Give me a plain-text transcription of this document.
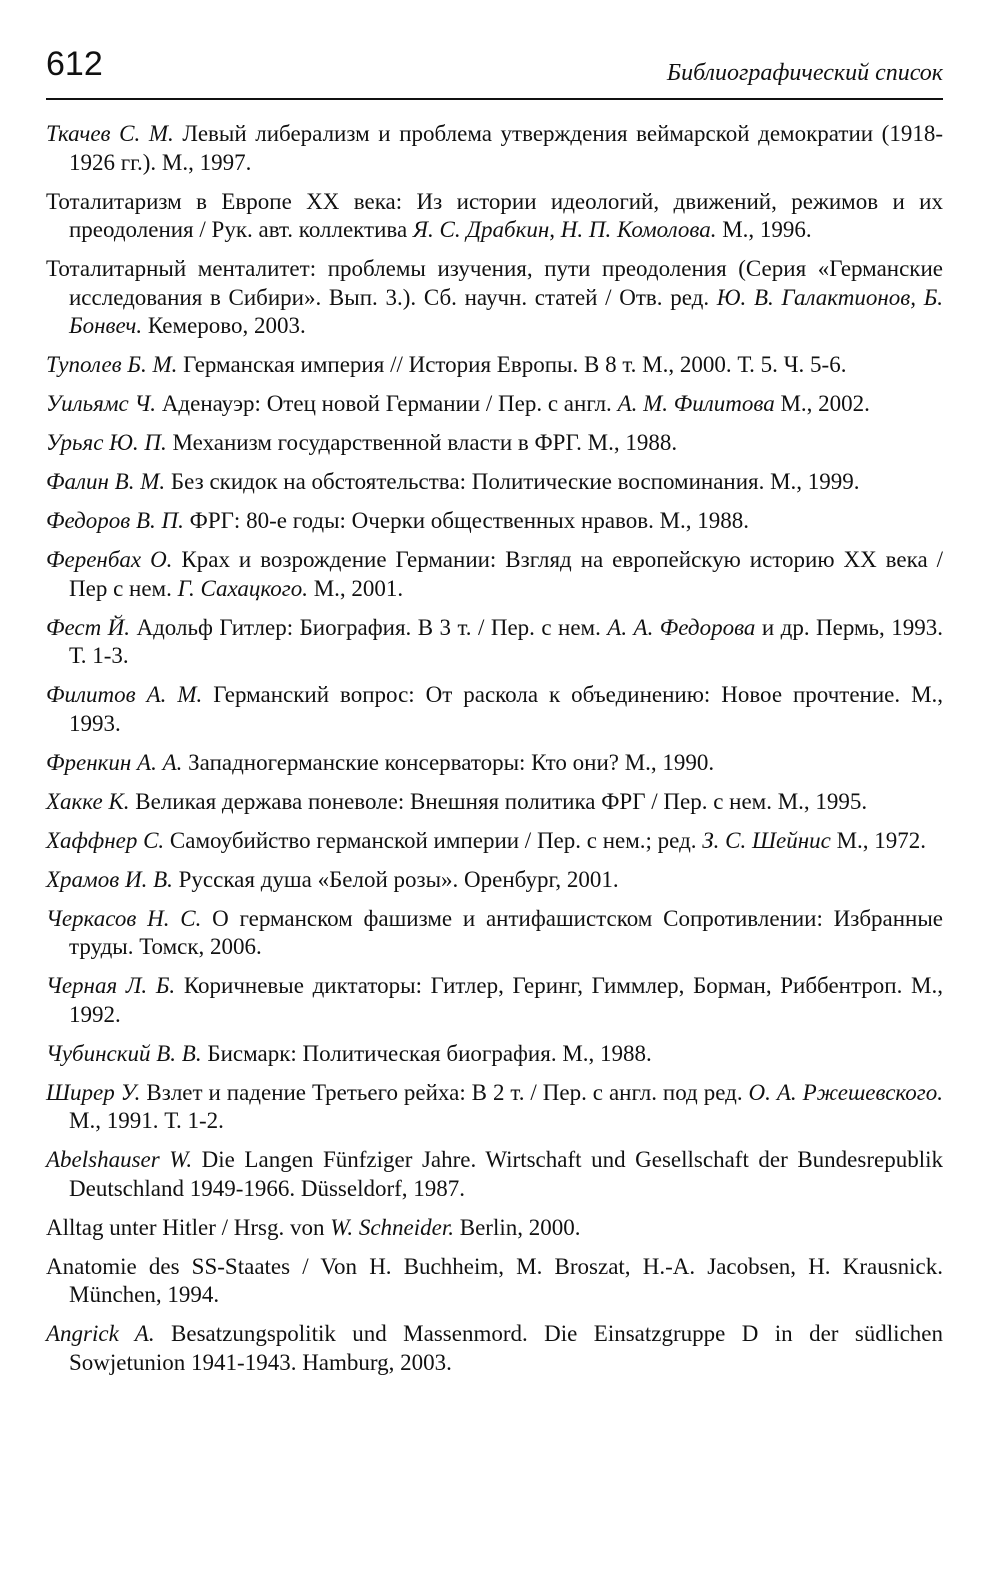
612	Библиографический список
Ткачев С. М. Левый либерализм и проблема утверждения веймарской демократии (1918-1926 гг.). М., 1997.
Тоталитаризм в Европе XX века: Из истории идеологий, движений, режимов и их преодоления / Рук. авт. коллектива Я. С. Драбкин, Н. П. Комолова. М., 1996.
Тоталитарный менталитет: проблемы изучения, пути преодоления (Серия «Германские исследования в Сибири». Вып. 3.). Сб. научн. статей / Отв. ред. Ю. В. Галактионов, Б. Бонвеч. Кемерово, 2003.
Туполев Б. М. Германская империя // История Европы. В 8 т. М., 2000. Т. 5. Ч. 5-6.
Уильямс Ч. Аденауэр: Отец новой Германии / Пер. с англ. А. М. Филитова М., 2002.
Урьяс Ю. П. Механизм государственной власти в ФРГ. М., 1988.
Фалин В. М. Без скидок на обстоятельства: Политические воспоминания. М., 1999.
Федоров В. П. ФРГ: 80-е годы: Очерки общественных нравов. М., 1988.
Ференбах О. Крах и возрождение Германии: Взгляд на европейскую историю XX века / Пер с нем. Г. Сахацкого. М., 2001.
Фест Й. Адольф Гитлер: Биография. В 3 т. / Пер. с нем. А. А. Федорова и др. Пермь, 1993. Т. 1-3.
Филитов А. М. Германский вопрос: От раскола к объединению: Новое прочтение. М., 1993.
Френкин А. А. Западногерманские консерваторы: Кто они? М., 1990.
Хакке К. Великая держава поневоле: Внешняя политика ФРГ / Пер. с нем. М., 1995.
Хаффнер С. Самоубийство германской империи / Пер. с нем.; ред. З. С. Шейнис М., 1972.
Храмов И. В. Русская душа «Белой розы». Оренбург, 2001.
Черкасов Н. С. О германском фашизме и антифашистском Сопротивлении: Избранные труды. Томск, 2006.
Черная Л. Б. Коричневые диктаторы: Гитлер, Геринг, Гиммлер, Борман, Риббентроп. М., 1992.
Чубинский В. В. Бисмарк: Политическая биография. М., 1988.
Ширер У. Взлет и падение Третьего рейха: В 2 т. / Пер. с англ. под ред. О. А. Ржешевского. М., 1991. Т. 1-2.
Abelshauser W. Die Langen Fünfziger Jahre. Wirtschaft und Gesellschaft der Bundesrepublik Deutschland 1949-1966. Düsseldorf, 1987.
Alltag unter Hitler / Hrsg. von W. Schneider. Berlin, 2000.
Anatomie des SS-Staates / Von H. Buchheim, M. Broszat, H.-A. Jacobsen, H. Krausnick. München, 1994.
Angrick A. Besatzungspolitik und Massenmord. Die Einsatzgruppe D in der südlichen Sowjetunion 1941-1943. Hamburg, 2003.
